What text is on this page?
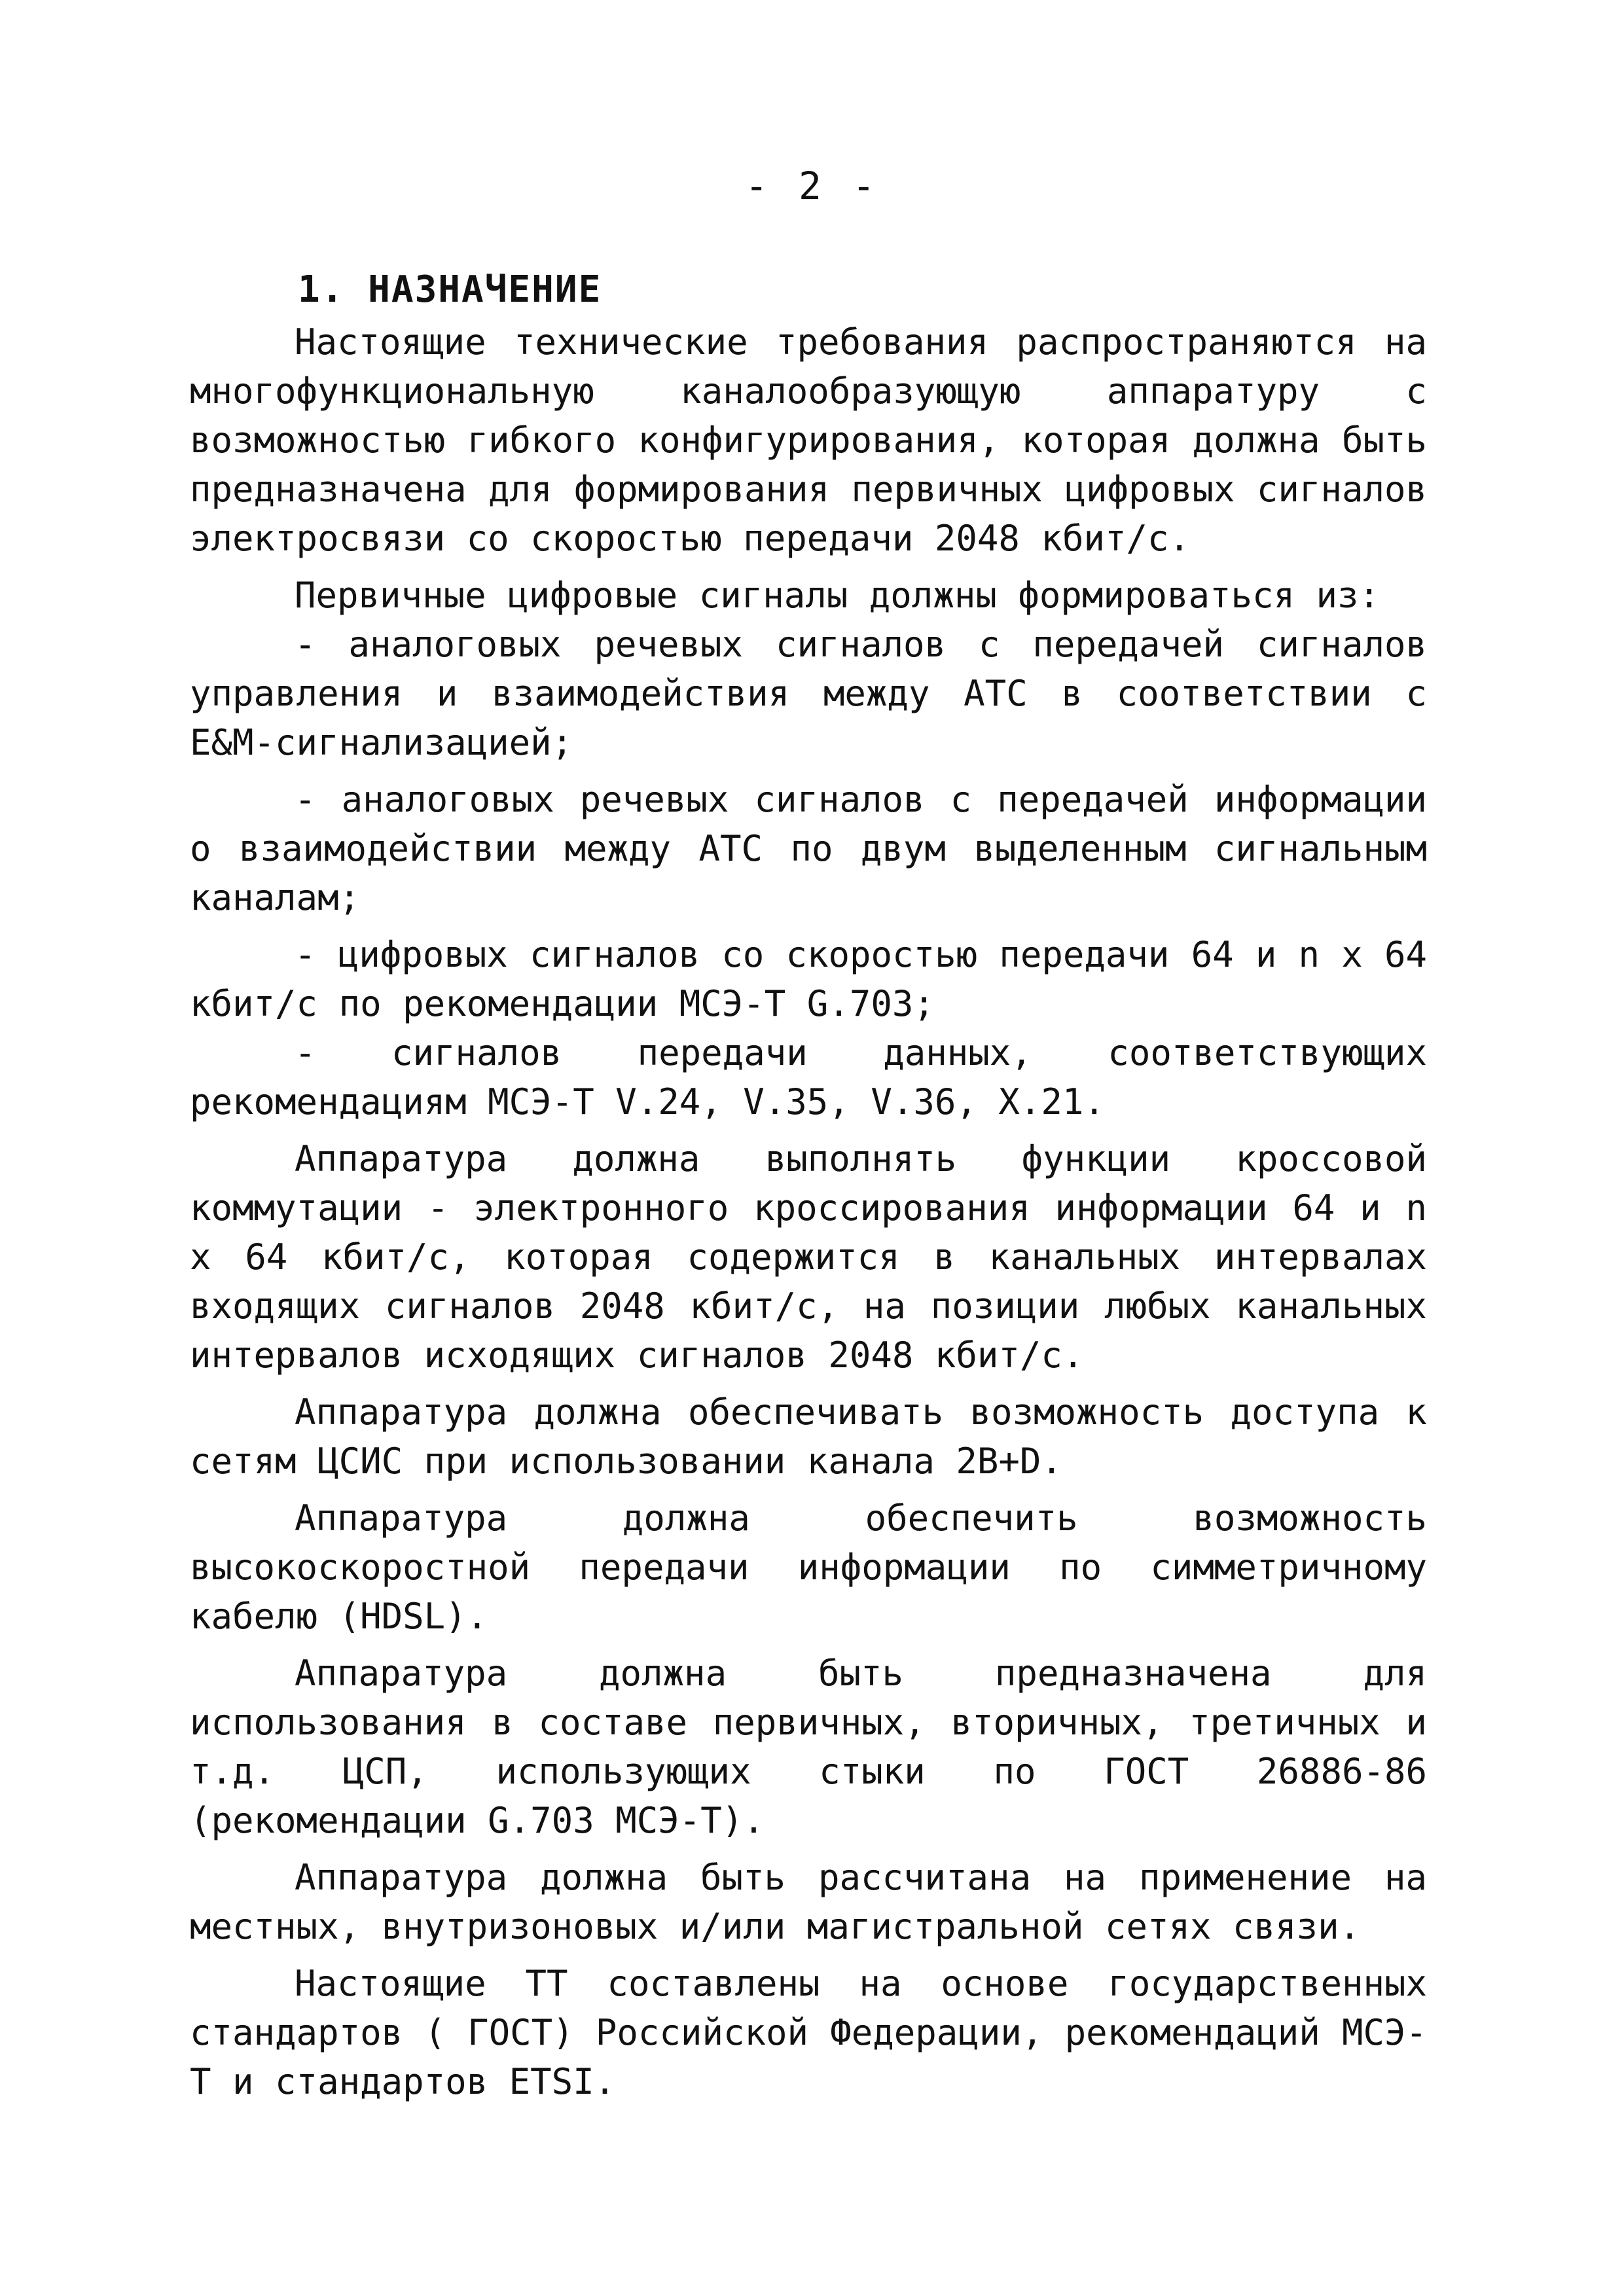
- 2 -
1. НАЗНАЧЕНИЕ

Настоящие технические требования распространяются на многофункциональную каналообразующую аппаратуру с возможностью гибкого конфигурирования, которая должна быть предназначена для формирования первичных цифровых сигналов электросвязи со скоростью передачи 2048 кбит/с.

Первичные цифровые сигналы должны формироваться из:

- аналоговых речевых сигналов с передачей сигналов управления и взаимодействия между АТС в соответствии с E&M-сигнализацией;

- аналоговых речевых сигналов с передачей информации о взаимодействии между АТС по двум выделенным сигнальным каналам;

- цифровых сигналов со скоростью передачи 64 и n x 64 кбит/с по рекомендации МСЭ-Т G.703;

- сигналов передачи данных, соответствующих рекомендациям МСЭ-Т V.24, V.35, V.36, X.21.

Аппаратура должна выполнять функции кроссовой коммутации - электронного кроссирования информации 64 и n x 64 кбит/с, которая содержится в канальных интервалах входящих сигналов 2048 кбит/с, на позиции любых канальных интервалов исходящих сигналов 2048 кбит/с.

Аппаратура должна обеспечивать возможность доступа к сетям ЦСИС при использовании канала 2B+D.

Аппаратура должна обеспечить возможность высокоскоростной передачи информации по симметричному кабелю (HDSL).

Аппаратура должна быть предназначена для использования в составе первичных, вторичных, третичных и т.д. ЦСП, использующих стыки по ГОСТ 26886-86 (рекомендации G.703 МСЭ-Т).

Аппаратура должна быть рассчитана на применение на местных, внутризоновых и/или магистральной сетях связи.

Настоящие ТТ составлены на основе государственных стандартов ( ГОСТ) Российской Федерации, рекомендаций МСЭ-Т и стандартов ETSI.
